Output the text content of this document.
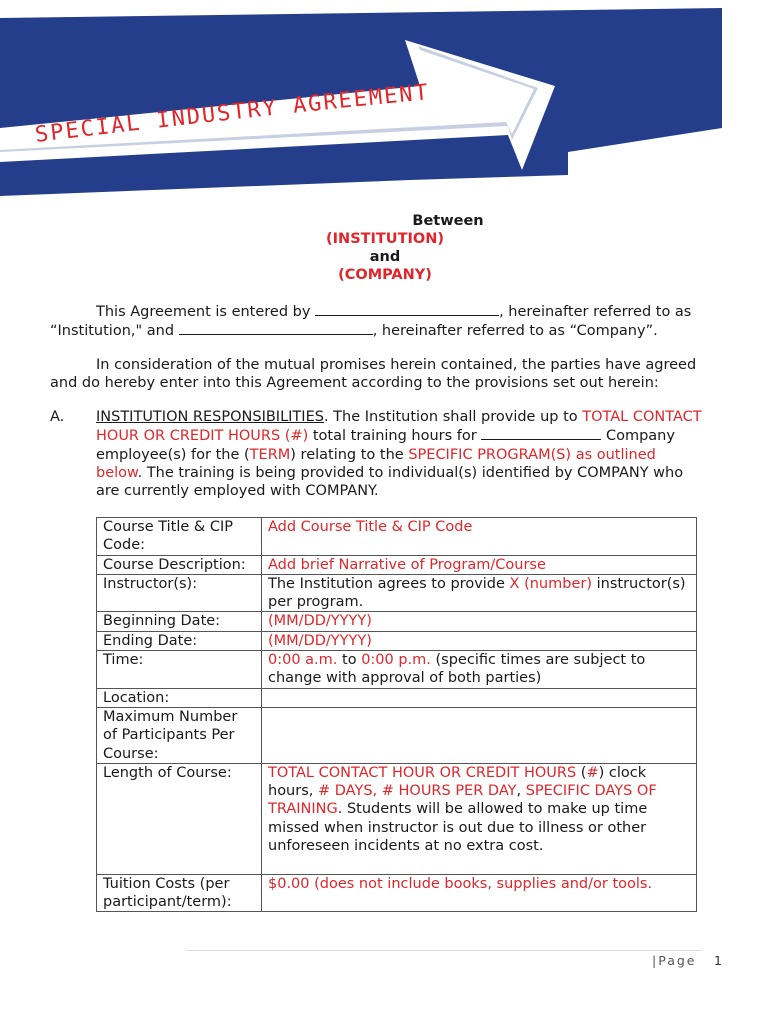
SPECIAL INDUSTRY AGREEMENT
Between
(INSTITUTION)
and
(COMPANY)
This Agreement is entered by	, hereinafter referred to as
“Institution," and	, hereinafter referred to as “Company”.
In consideration of the mutual promises herein contained, the parties have agreed
and do hereby enter into this Agreement according to the provisions set out herein:
A. INSTITUTION RESPONSIBILITIES. The Institution shall provide up to TOTAL CONTACT HOUR OR CREDIT HOURS (#) total training hours for	Company employee(s) for the (TERM) relating to the SPECIFIC PROGRAM(S) as outlined below. The training is being provided to individual(s) identified by COMPANY who are currently employed with COMPANY.
Course Title & CIP Code:	Add Course Title & CIP Code
Course Description:	Add brief Narrative of Program/Course
Instructor(s):	The Institution agrees to provide X (number) instructor(s) per program.
Beginning Date:	(MM/DD/YYYY)
Ending Date:	(MM/DD/YYYY)
Time:	0:00 a.m. to 0:00 p.m. (specific times are subject to change with approval of both parties)
Location:	
Maximum Number of Participants Per Course:	
Length of Course:	TOTAL CONTACT HOUR OR CREDIT HOURS (#) clock hours, # DAYS, # HOURS PER DAY, SPECIFIC DAYS OF TRAINING. Students will be allowed to make up time missed when instructor is out due to illness or other unforeseen incidents at no extra cost.
Tuition Costs (per participant/term):	$0.00 (does not include books, supplies and/or tools.
|Page 1
